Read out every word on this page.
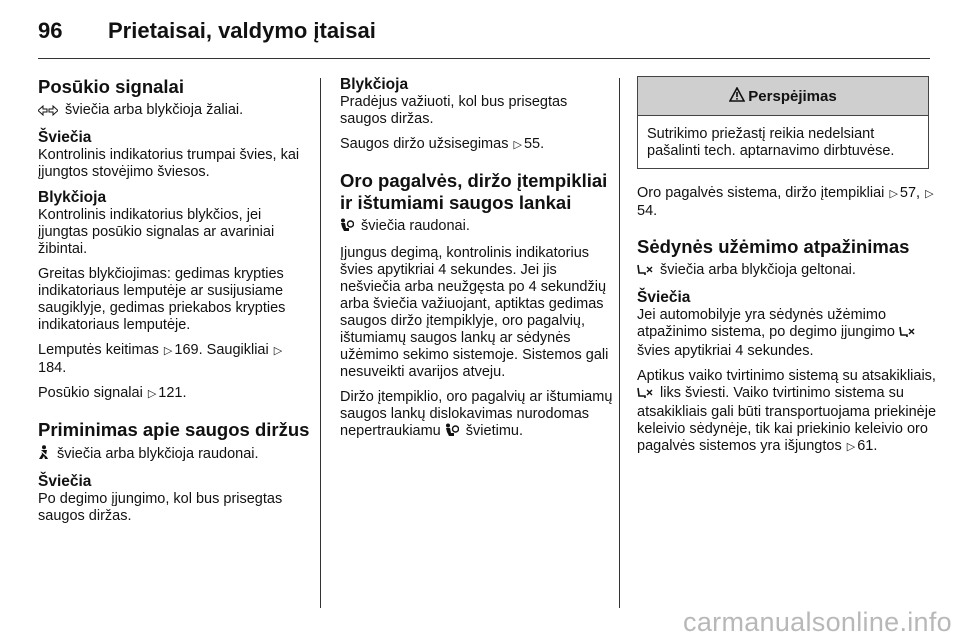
96 Prietaisai, valdymo įtaisai
Posūkio signalai

šviečia arba blykčioja žaliai.

Šviečia

Kontrolinis indikatorius trumpai švies, kai įjungtos stovėjimo šviesos.

Blykčioja

Kontrolinis indikatorius blykčios, jei įjungtas posūkio signalas ar avariniai žibintai.

Greitas blykčiojimas: gedimas krypties indikatoriaus lemputėje ar susijusiame saugiklyje, gedimas priekabos krypties indikatoriaus lemputėje.

Lemputės keitimas ▷ 169. Saugikliai ▷184.

Posūkio signalai ▷ 121.

Priminimas apie saugos diržus

šviečia arba blykčioja raudonai.

Šviečia

Po degimo įjungimo, kol bus prisegtas saugos diržas.

Blykčioja

Pradėjus važiuoti, kol bus prisegtas saugos diržas.

Saugos diržo užsisegimas ▷ 55.

Oro pagalvės, diržo įtempikliai ir ištumiami saugos lankai

šviečia raudonai.

Įjungus degimą, kontrolinis indikatorius švies apytikriai 4 sekundes. Jei jis nešviečia arba neužgęsta po 4 sekundžių arba šviečia važiuojant, aptiktas gedimas saugos diržo įtempiklyje, oro pagalvių, ištumiamų saugos lankų ar sėdynės užėmimo sekimo sistemoje. Sistemos gali nesuveikti avarijos atveju.

Diržo įtempiklio, oro pagalvių ar ištumiamų saugos lankų dislokavimas nurodomas nepertraukiamu  švietimu.

Perspėjimas
Sutrikimo priežastį reikia nedelsiant pašalinti tech. aptarnavimo dirbtuvėse.

Oro pagalvės sistema, diržo įtempikliai ▷ 57, ▷54.

Sėdynės užėmimo atpažinimas

šviečia arba blykčioja geltonai.

Šviečia

Jei automobilyje yra sėdynės užėmimo atpažinimo sistema, po degimo įjungimo  švies apytikriai 4 sekundes.

Aptikus vaiko tvirtinimo sistemą su atsakikliais,  liks šviesti. Vaiko tvirtinimo sistema su atsakikliais gali būti transportuojama priekinėje keleivio sėdynėje, tik kai priekinio keleivio oro pagalvės sistemos yra išjungtos ▷ 61.

carmanualsonline.info
